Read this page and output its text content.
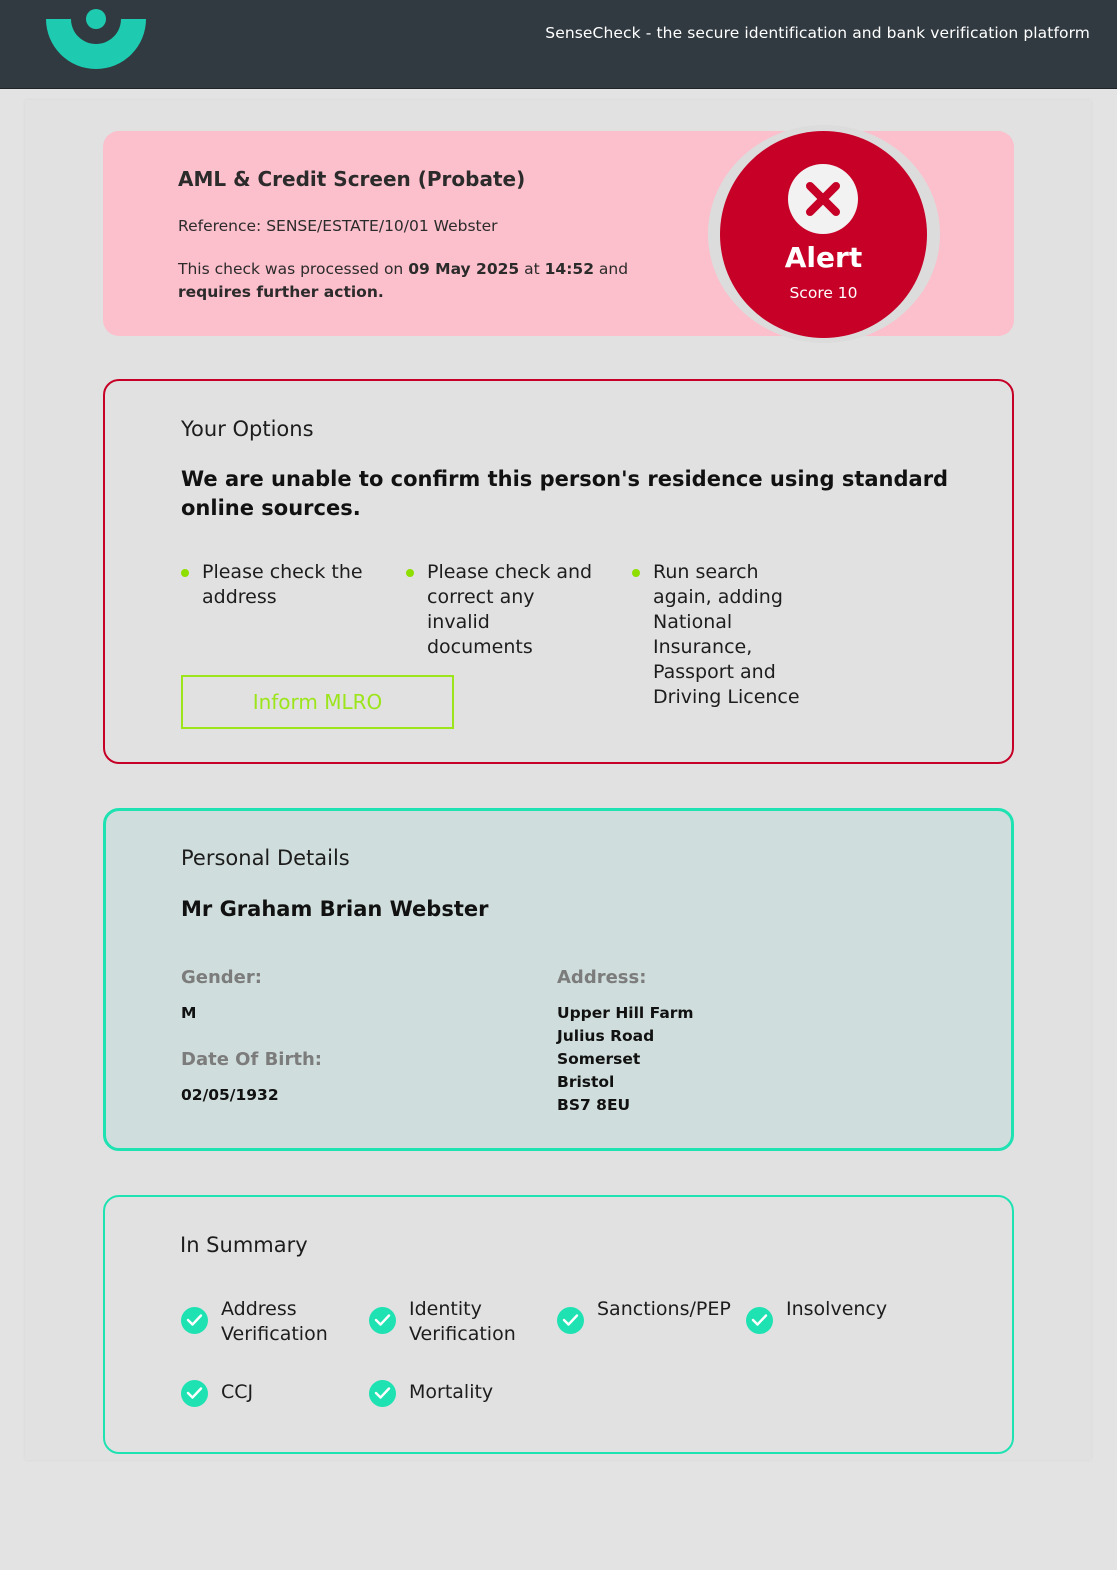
SenseCheck - the secure identification and bank verification platform
AML & Credit Screen (Probate)
Reference: SENSE/ESTATE/10/01 Webster
This check was processed on 09 May 2025 at 14:52 and
requires further action.
Alert
Score 10
Your Options
We are unable to confirm this person's residence using standard online sources.
Please check the address
Please check and correct any invalid documents
Run search again, adding National Insurance, Passport and Driving Licence
Inform MLRO
Personal Details
Mr Graham Brian Webster
Gender:
M
Date Of Birth:
02/05/1932
Address:
Upper Hill Farm
Julius Road
Somerset
Bristol
BS7 8EU
In Summary
Address
Verification
Identity
Verification
Sanctions/PEP	Insolvency
CCJ	Mortality
